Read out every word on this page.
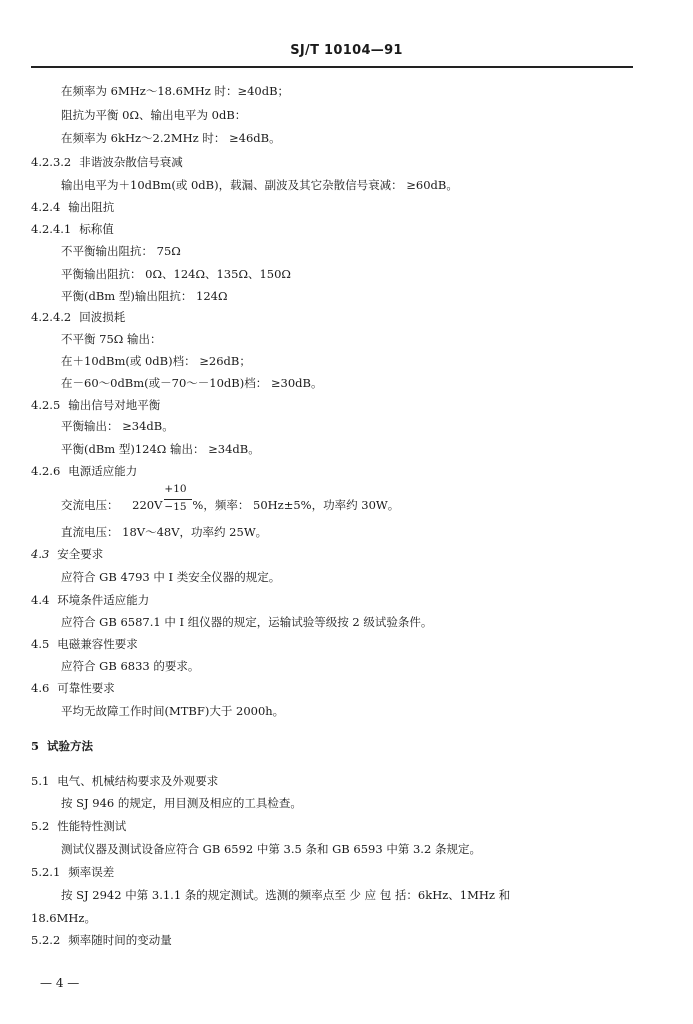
SJ/T 10104—91
在频率为 6MHz～18.6MHz 时：≥40dB；
阻抗为平衡 0Ω、输出电平为 0dB：
在频率为 6kHz～2.2MHz 时： ≥46dB。
4.2.3.2 非谐波杂散信号衰减
输出电平为＋10dBm(或 0dB)，载漏、副波及其它杂散信号衰减： ≥60dB。
4.2.4 输出阻抗
4.2.4.1 标称值
不平衡输出阻抗： 75Ω
平衡输出阻抗： 0Ω、124Ω、135Ω、150Ω
平衡(dBm 型)输出阻抗： 124Ω
4.2.4.2 回波损耗
不平衡 75Ω 输出：
在＋10dBm(或 0dB)档： ≥26dB；
在－60～0dBm(或－70～－10dB)档： ≥30dB。
4.2.5 输出信号对地平衡
平衡输出： ≥34dB。
平衡(dBm 型)124Ω 输出： ≥34dB。
4.2.6 电源适应能力
交流电压： $220V \frac{+10}{-15}$ %，频率： 50Hz±5%，功率约 30W。
直流电压： 18V～48V，功率约 25W。
4.3 安全要求
应符合 GB 4793 中 I 类安全仪器的规定。
4.4 环境条件适应能力
应符合 GB 6587.1 中 I 组仪器的规定，运输试验等级按 2 级试验条件。
4.5 电磁兼容性要求
应符合 GB 6833 的要求。
4.6 可靠性要求
平均无故障工作时间(MTBF)大于 2000h。
5 试验方法
5.1 电气、机械结构要求及外观要求
按 SJ 946 的规定，用目测及相应的工具检查。
5.2 性能特性测试
测试仪器及测试设备应符合 GB 6592 中第 3.5 条和 GB 6593 中第 3.2 条规定。
5.2.1 频率误差
按 SJ 2942 中第 3.1.1 条的规定测试。选测的频率点至 少 应 包 括：6kHz、1MHz 和
18.6MHz。
5.2.2 频率随时间的变动量
— 4 —
